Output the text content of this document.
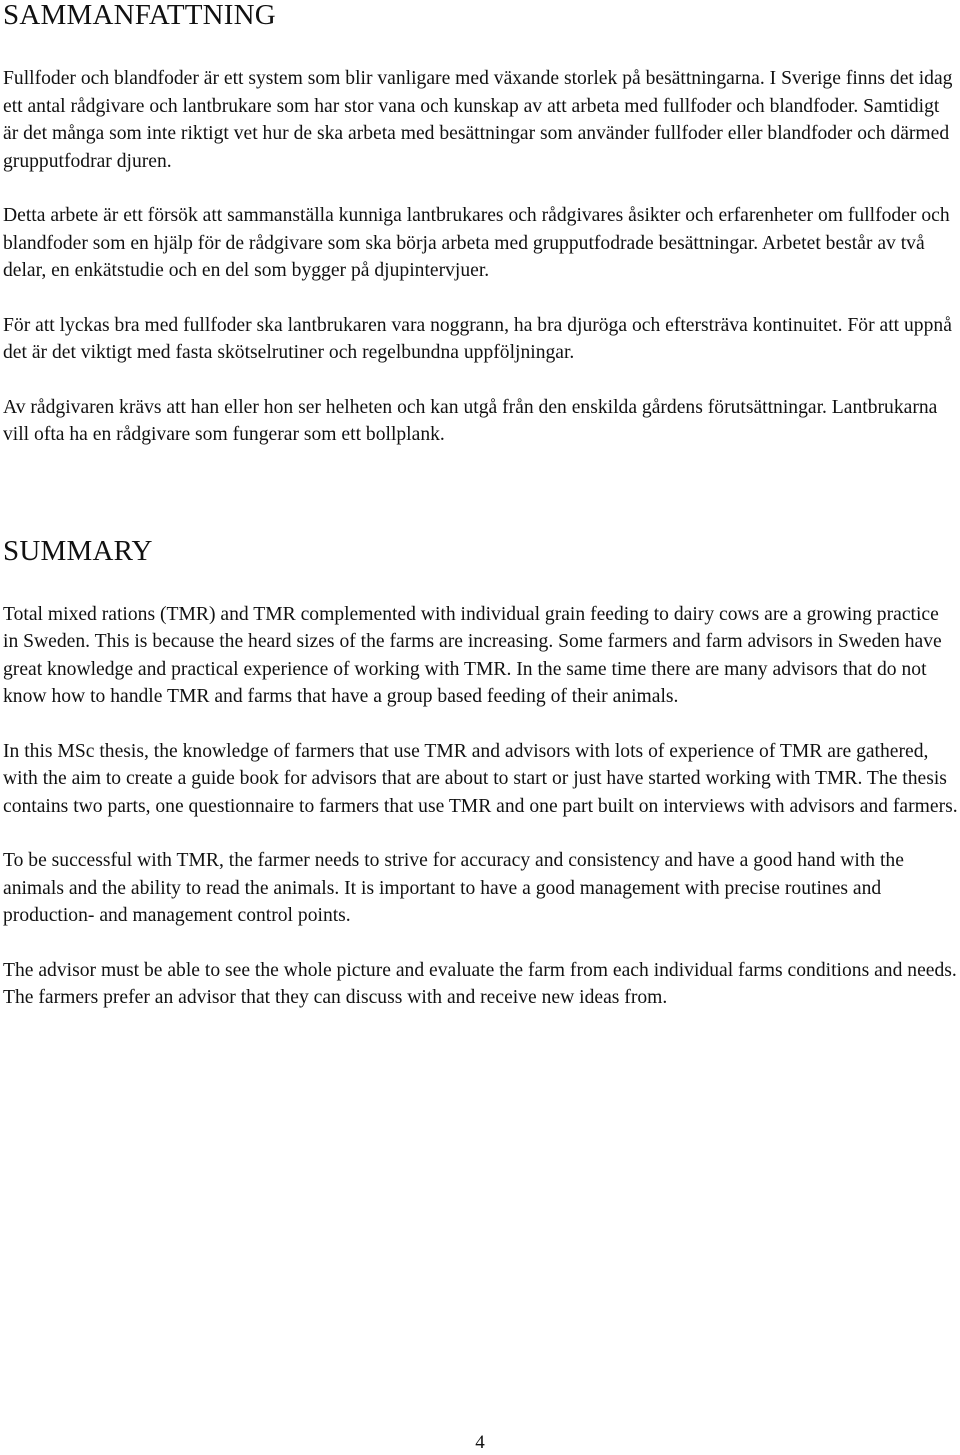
SAMMANFATTNING

Fullfoder och blandfoder är ett system som blir vanligare med växande storlek på besättningarna. I Sverige finns det idag ett antal rådgivare och lantbrukare som har stor vana och kunskap av att arbeta med fullfoder och blandfoder. Samtidigt är det många som inte riktigt vet hur de ska arbeta med besättningar som använder fullfoder eller blandfoder och därmed grupputfodrar djuren.

Detta arbete är ett försök att sammanställa kunniga lantbrukares och rådgivares åsikter och erfarenheter om fullfoder och blandfoder som en hjälp för de rådgivare som ska börja arbeta med grupputfodrade besättningar. Arbetet består av två delar, en enkätstudie och en del som bygger på djupintervjuer.

För att lyckas bra med fullfoder ska lantbrukaren vara noggrann, ha bra djuröga och eftersträva kontinuitet. För att uppnå det är det viktigt med fasta skötselrutiner och regelbundna uppföljningar.

Av rådgivaren krävs att han eller hon ser helheten och kan utgå från den enskilda gårdens förutsättningar. Lantbrukarna vill ofta ha en rådgivare som fungerar som ett bollplank.

SUMMARY

Total mixed rations (TMR) and TMR complemented with individual grain feeding to dairy cows are a growing practice in Sweden. This is because the heard sizes of the farms are increasing. Some farmers and farm advisors in Sweden have great knowledge and practical experience of working with TMR. In the same time there are many advisors that do not know how to handle TMR and farms that have a group based feeding of their animals.

In this MSc thesis, the knowledge of farmers that use TMR and advisors with lots of experience of TMR are gathered, with the aim to create a guide book for advisors that are about to start or just have started working with TMR. The thesis contains two parts, one questionnaire to farmers that use TMR and one part built on interviews with advisors and farmers.

To be successful with TMR, the farmer needs to strive for accuracy and consistency and have a good hand with the animals and the ability to read the animals. It is important to have a good management with precise routines and production- and management control points.

The advisor must be able to see the whole picture and evaluate the farm from each individual farms conditions and needs. The farmers prefer an advisor that they can discuss with and receive new ideas from.

4
